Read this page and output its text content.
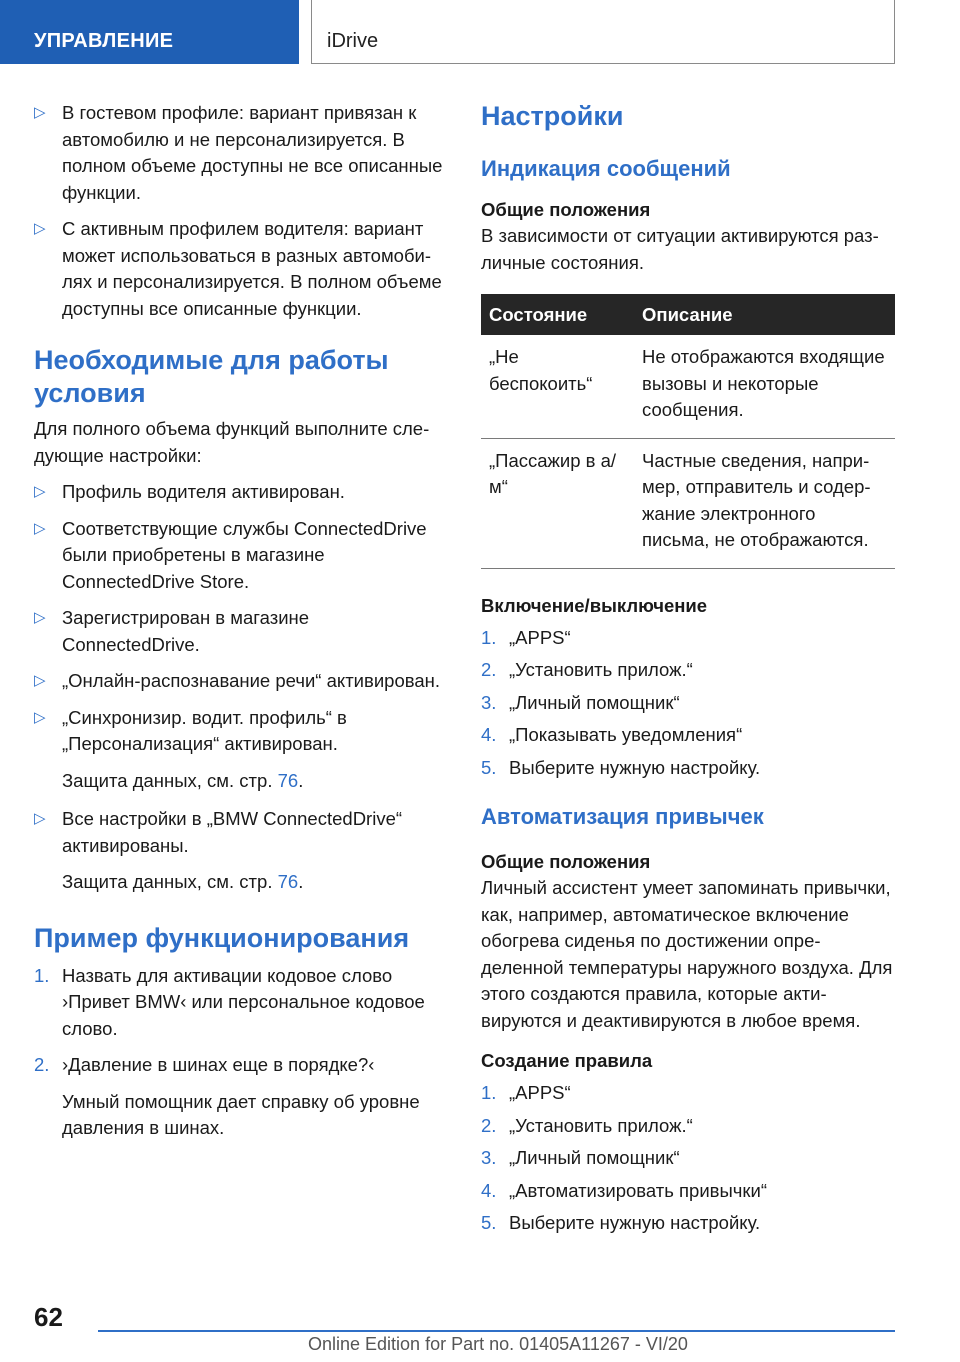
УПРАВЛЕНИЕ	iDrive
▷ В гостевом профиле: вариант привязан к автомобилю и не персонализируется. В полном объеме доступны не все описанные функции.
▷ С активным профилем водителя: вариант может использоваться в разных автомобилях и персонализируется. В полном объеме доступны все описанные функции.
Необходимые для работы условия

Для полного объема функций выполните следующие настройки:

▷ Профиль водителя активирован.
▷ Соответствующие службы ConnectedDrive были приобретены в магазине ConnectedDrive Store.
▷ Зарегистрирован в магазине ConnectedDrive.
▷ „Онлайн-распознавание речи“ активирован.
▷ „Синхронизир. водит. профиль“ в „Персонализация“ активирован.

Защита данных, см. стр. 76.

▷ Все настройки в „BMW ConnectedDrive“ активированы.

Защита данных, см. стр. 76.

Пример функционирования
1. Назвать для активации кодовое слово ›Привет BMW‹ или персональное кодовое слово.
2. ›Давление в шинах еще в порядке?‹

Умный помощник дает справку об уровне давления в шинах.

Настройки
Индикация сообщений
Общие положения

В зависимости от ситуации активируются различные состояния.

Состояние	Описание
„Не беспокоить“	Не отображаются входящие вызовы и некоторые сообщения.
„Пассажир в а/м“	Частные сведения, например, отправитель и содержание электронного письма, не отображаются.
Включение/выключение
1. „APPS“
2. „Установить прилож.“
3. „Личный помощник“
4. „Показывать уведомления“
5. Выберите нужную настройку.
Автоматизация привычек
Общие положения

Личный ассистент умеет запоминать привычки, как, например, автоматическое включение обогрева сиденья по достижении определенной температуры наружного воздуха. Для этого создаются правила, которые активируются и деактивируются в любое время.

Создание правила
1. „APPS“
2. „Установить прилож.“
3. „Личный помощник“
4. „Автоматизировать привычки“
5. Выберите нужную настройку.
62
Online Edition for Part no. 01405A11267 - VI/20
